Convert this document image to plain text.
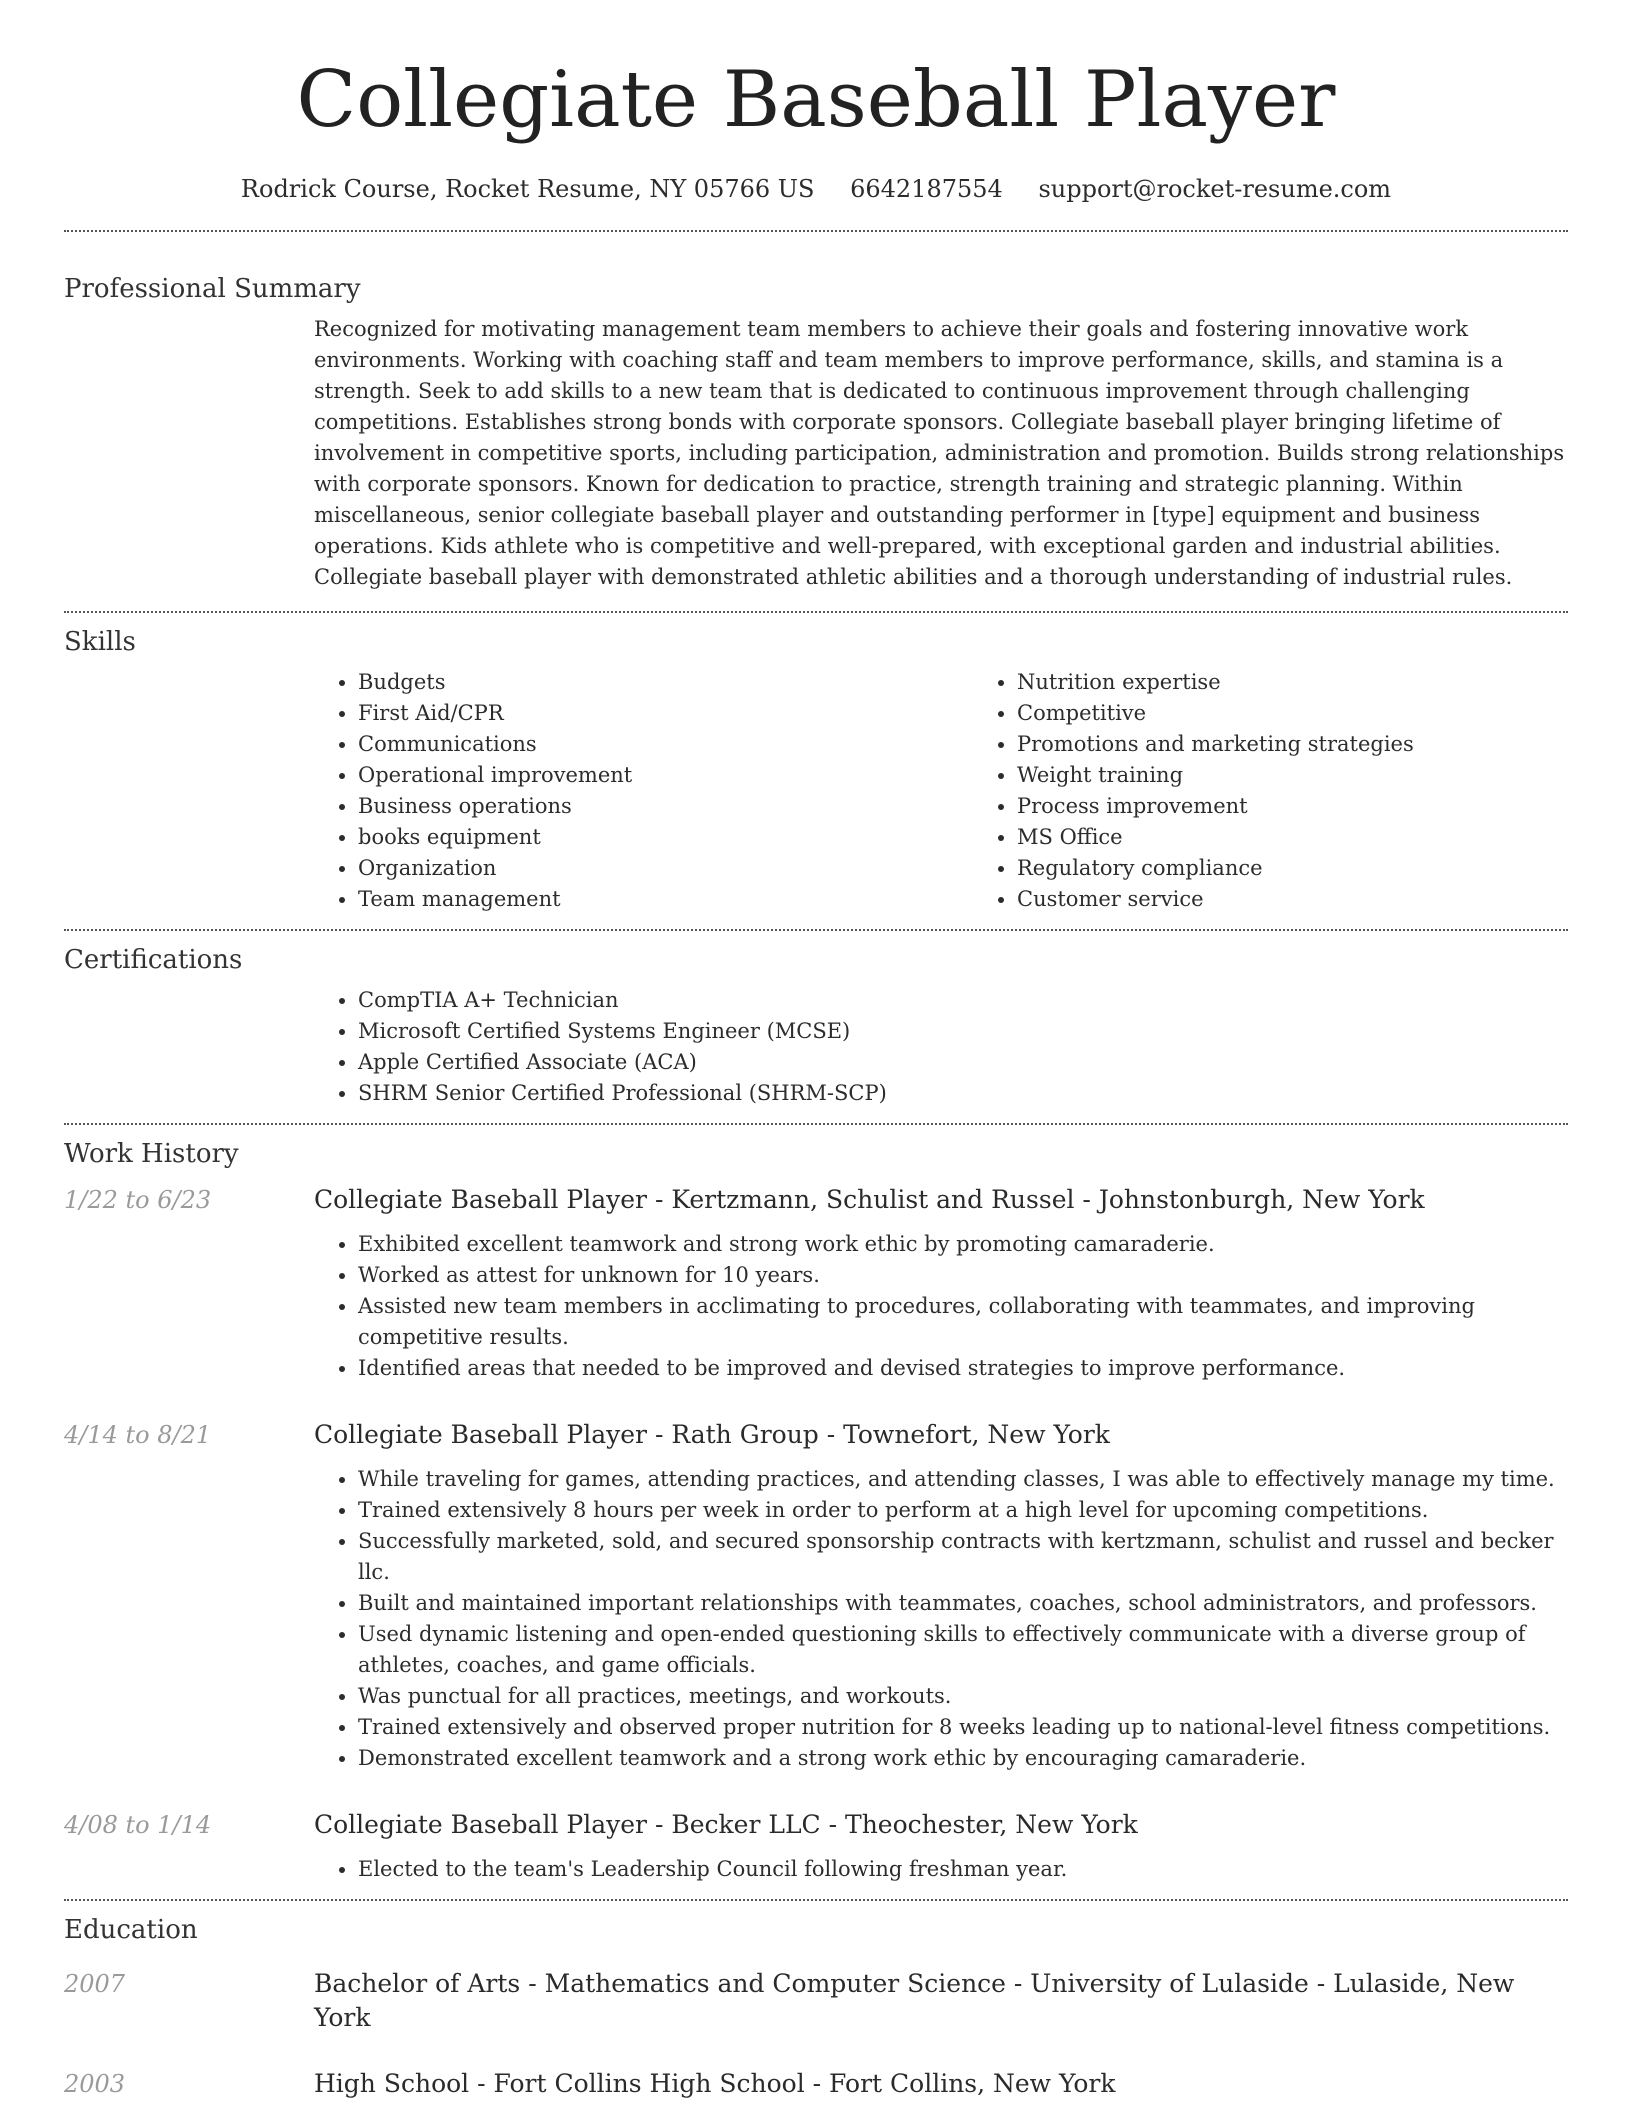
Collegiate Baseball Player
Rodrick Course, Rocket Resume, NY 05766 US 6642187554 support@rocket-resume.com
Professional Summary

Recognized for motivating management team members to achieve their goals and fostering innovative work environments. Working with coaching staff and team members to improve performance, skills, and stamina is a strength. Seek to add skills to a new team that is dedicated to continuous improvement through challenging competitions. Establishes strong bonds with corporate sponsors. Collegiate baseball player bringing lifetime of involvement in competitive sports, including participation, administration and promotion. Builds strong relationships with corporate sponsors. Known for dedication to practice, strength training and strategic planning. Within miscellaneous, senior collegiate baseball player and outstanding performer in [type] equipment and business operations. Kids athlete who is competitive and well-prepared, with exceptional garden and industrial abilities. Collegiate baseball player with demonstrated athletic abilities and a thorough understanding of industrial rules.

Skills
• Budgets
• First Aid/CPR
• Communications
• Operational improvement
• Business operations
• books equipment
• Organization
• Team management
• Nutrition expertise
• Competitive
• Promotions and marketing strategies
• Weight training
• Process improvement
• MS Office
• Regulatory compliance
• Customer service
Certifications
• CompTIA A+ Technician
• Microsoft Certified Systems Engineer (MCSE)
• Apple Certified Associate (ACA)
• SHRM Senior Certified Professional (SHRM-SCP)
Work History
1/22 to 6/23	Collegiate Baseball Player - Kertzmann, Schulist and Russel - Johnstonburgh, New York
• Exhibited excellent teamwork and strong work ethic by promoting camaraderie.
• Worked as attest for unknown for 10 years.
• Assisted new team members in acclimating to procedures, collaborating with teammates, and improving competitive results.
• Identified areas that needed to be improved and devised strategies to improve performance.
4/14 to 8/21	Collegiate Baseball Player - Rath Group - Townefort, New York
• While traveling for games, attending practices, and attending classes, I was able to effectively manage my time.
• Trained extensively 8 hours per week in order to perform at a high level for upcoming competitions.
• Successfully marketed, sold, and secured sponsorship contracts with kertzmann, schulist and russel and becker llc.
• Built and maintained important relationships with teammates, coaches, school administrators, and professors.
• Used dynamic listening and open-ended questioning skills to effectively communicate with a diverse group of athletes, coaches, and game officials.
• Was punctual for all practices, meetings, and workouts.
• Trained extensively and observed proper nutrition for 8 weeks leading up to national-level fitness competitions.
• Demonstrated excellent teamwork and a strong work ethic by encouraging camaraderie.
4/08 to 1/14	Collegiate Baseball Player - Becker LLC - Theochester, New York
• Elected to the team's Leadership Council following freshman year.
Education
2007	Bachelor of Arts - Mathematics and Computer Science - University of Lulaside - Lulaside, New York
2003	High School - Fort Collins High School - Fort Collins, New York
